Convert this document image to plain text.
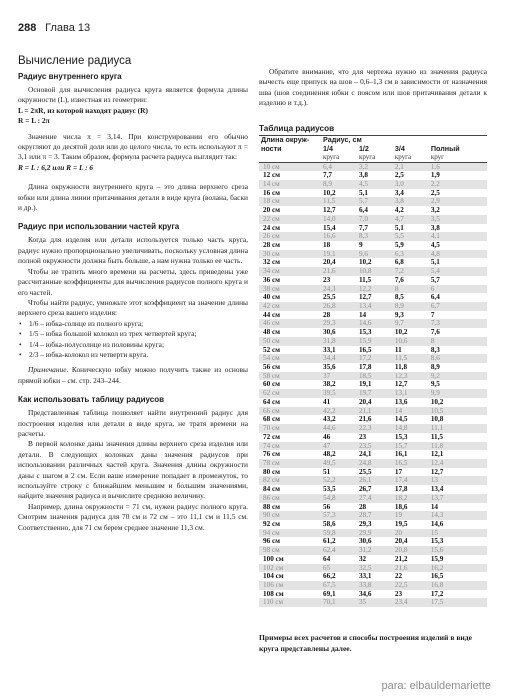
288 Глава 13
Вычисление радиуса
Радиус внутреннего круга

Основой для вычисления радиуса круга является формула длины окружности (L), известная из геометрии:

L = 2πR, из которой находят радиус (R)

R = L : 2π

Значение числа π = 3,14. При конструировании его обычно округляют до десятой доли или до целого числа, то есть используют π = 3,1 или π = 3. Таким образом, формула расчета радиуса выглядит так:

R = L : 6,2 или R = L : 6

Длина окружности внутреннего круга – это длина верхнего среза юбки или длина линии притачивания детали в виде круга (волана, баски и др.).

Радиус при использовании частей круга

Когда для изделия или детали используется только часть круга, радиус нужно пропорционально увеличивать, поскольку условная длина полной окружности должна быть больше, а нам нужна только ее часть.

Чтобы не тратить много времени на расчеты, здесь приведены уже рассчитанные коэффициенты для вычисления радиусов полного круга и его частей.

Чтобы найти радиус, умножьте этот коэффициент на значение длины верхнего среза вашего изделия:

• 1/6 – юбка-солнце из полного круга;
• 1/5 – юбка большой колокол из трех четвертей круга;
• 1/4 – юбка-полусолнце из половины круга;
• 2/3 – юбка-колокол из четверти круга.

Примечание. Коническую юбку можно получить также из основы прямой юбки – см. стр. 243–244.

Как использовать таблицу радиусов

Представленная таблица позволяет найти внутренний радиус для построения изделия или детали в виде круга, не тратя времени на расчеты.

В первой колонке даны значения длины верхнего среза изделия или детали. В следующих колонках даны значения радиусов при использовании различных частей круга. Значения длины окружности даны с шагом в 2 см. Если ваше измерение попадает в промежуток, то используйте строку с ближайшим меньшим и большим значениями, найдите значения радиуса и вычислите среднюю величину.

Например, длина окружности = 71 см, нужен радиус полного круга. Смотрим значения радиуса для 70 см и 72 см – это 11,1 см и 11,5 см. Соответственно, для 71 см берем среднее значение 11,3 см.

Обратите внимание, что для чертежа нужно из значения радиуса вычесть еще припуск на шов – 0,6–1,3 см в зависимости от назначения шва (шов соединения юбки с поясом или шов притачивания детали к изделию и т.д.).
Таблица радиусов
Длина окруж-ности	Радиус, см			
	1/4	1/2	3/4	Полный
	круга	круга	круга	круг
10 см	6,4	3,2	2,1	1,6
12 см	7,7	3,8	2,5	1,9
14 см	8,9	4,5	3,0	2,2
16 см	10,2	5,1	3,4	2,5
18 см	11,5	5,7	3,8	2,9
20 см	12,7	6,4	4,2	3,2
22 см	14,0	7,0	4,7	3,5
24 см	15,4	7,7	5,1	3,8
26 см	16,6	8,3	5,5	4,1
28 см	18	9	5,9	4,5
30 см	19,1	9,6	6,3	4,8
32 см	20,4	10,2	6,8	5,1
34 см	21,6	10,8	7,2	5,4
36 см	23	11,5	7,6	5,7
38 см	24,3	12,2	8	6
40 см	25,5	12,7	8,5	6,4
42 см	26,8	13,4	8,9	6,7
44 см	28	14	9,3	7
46 см	29,3	14,6	9,7	7,3
48 см	30,6	15,3	10,2	7,6
50 см	31,8	15,9	10,6	8
52 см	33,1	16,5	11	8,3
54 см	34,4	17,2	11,5	8,6
56 см	35,6	17,8	11,8	8,9
58 см	37	18,5	12,3	9,2
60 см	38,2	19,1	12,7	9,5
62 см	39,5	19,7	13,1	9,9
64 см	41	20,4	13,6	10,2
66 см	42,2	21,1	14	10,5
68 см	43,2	21,6	14,5	10,8
70 см	44,6	22,3	14,8	11,1
72 см	46	23	15,3	11,5
74 см	47	23,5	15,7	11,8
76 см	48,2	24,1	16,1	12,1
78 см	49,5	24,8	16,5	12,4
80 см	51	25,5	17	12,7
82 см	52,2	26,1	17,4	13
84 см	53,5	26,7	17,8	13,4
86 см	54,8	27,4	18,2	13,7
88 см	56	28	18,6	14
90 см	57,3	28,7	19	14,3
92 см	58,6	29,3	19,5	14,6
94 см	59,8	29,9	20	15
96 см	61,2	30,6	20,4	15,3
98 см	62,4	31,2	20,8	15,6
100 см	64	32	21,2	15,9
102 см	65	32,5	21,6	16,2
104 см	66,2	33,1	22	16,5
106 см	67,5	33,8	22,5	16,8
108 см	69,1	34,6	23	17,2
110 см	70,1	35	23,4	17,5
Примеры всех расчетов и способы построения изделий в виде круга представлены далее.
para: elbauldemariette
